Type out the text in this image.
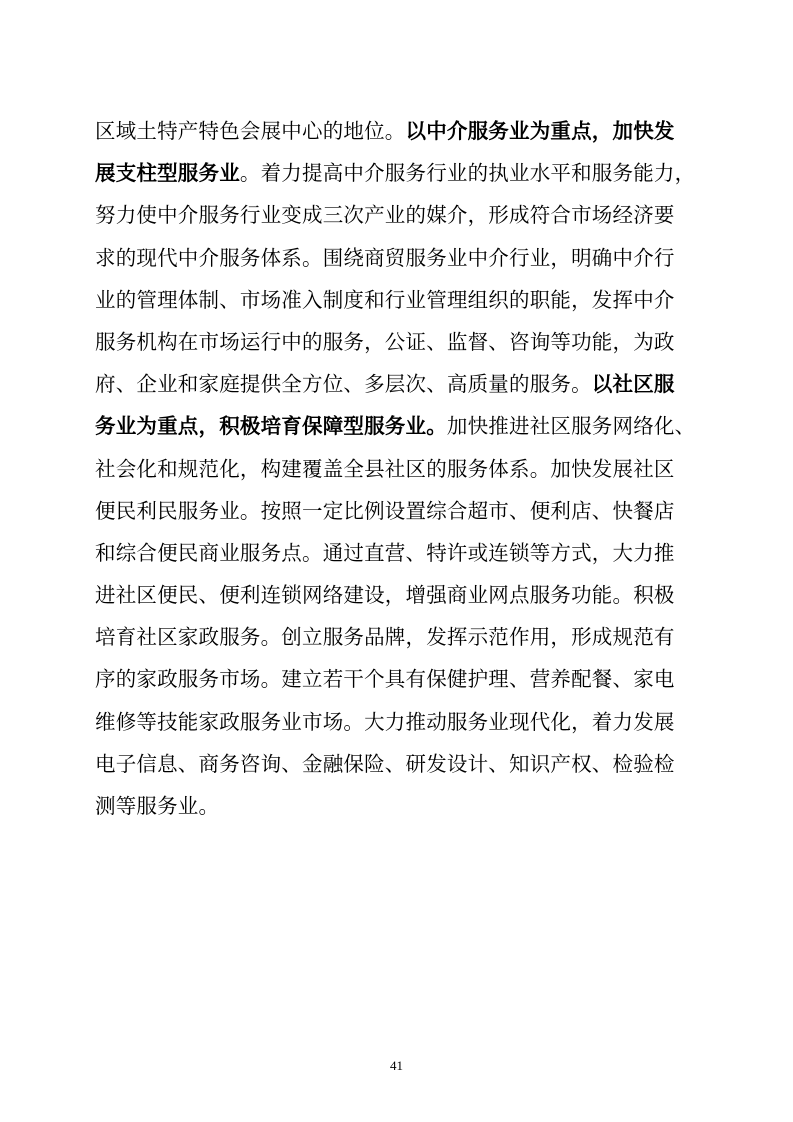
区域土特产特色会展中心的地位。以中介服务业为重点，加快发
展支柱型服务业。着力提高中介服务行业的执业水平和服务能力，
努力使中介服务行业变成三次产业的媒介，形成符合市场经济要
求的现代中介服务体系。围绕商贸服务业中介行业，明确中介行
业的管理体制、市场准入制度和行业管理组织的职能，发挥中介
服务机构在市场运行中的服务，公证、监督、咨询等功能，为政
府、企业和家庭提供全方位、多层次、高质量的服务。以社区服
务业为重点，积极培育保障型服务业。加快推进社区服务网络化、
社会化和规范化，构建覆盖全县社区的服务体系。加快发展社区
便民利民服务业。按照一定比例设置综合超市、便利店、快餐店
和综合便民商业服务点。通过直营、特许或连锁等方式，大力推
进社区便民、便利连锁网络建设，增强商业网点服务功能。积极
培育社区家政服务。创立服务品牌，发挥示范作用，形成规范有
序的家政服务市场。建立若干个具有保健护理、营养配餐、家电
维修等技能家政服务业市场。大力推动服务业现代化，着力发展
电子信息、商务咨询、金融保险、研发设计、知识产权、检验检
测等服务业。
41
